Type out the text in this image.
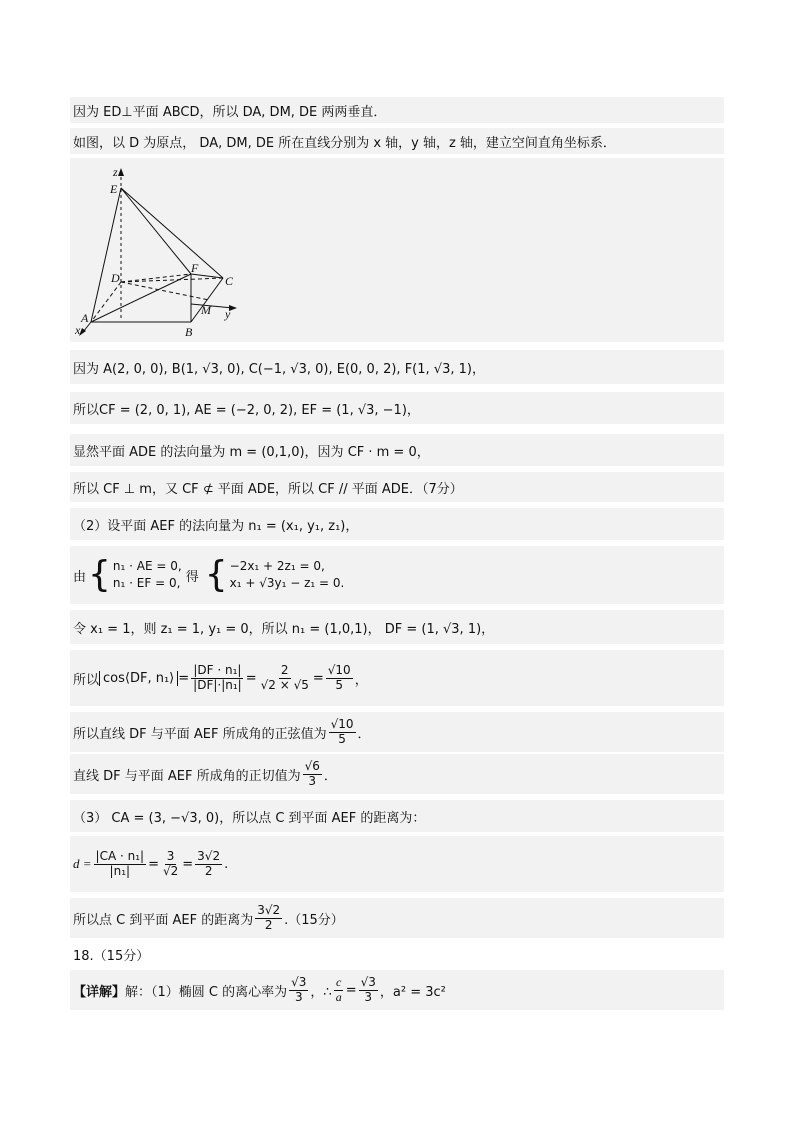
因为 ED⊥平面 ABCD，所以 DA, DM, DE 两两垂直．
如图，以 D 为原点， DA, DM, DE 所在直线分别为 x 轴，y 轴，z 轴，建立空间直角坐标系．
z
E
D
F
C
M y
A
B
x
因为 A(2, 0, 0), B(1, √3, 0), C(−1, √3, 0), E(0, 0, 2), F(1, √3, 1)，
所以 CF = (2, 0, 1), AE = (−2, 0, 2), EF = (1, √3, −1)，
显然平面 ADE 的法向量为 m = (0,1,0)，因为 CF · m = 0，
所以 CF ⊥ m，又 CF ⊄ 平面 ADE，所以 CF // 平面 ADE．（7分）
（2）设平面 AEF 的法向量为 n₁ = (x₁, y₁, z₁)，
由 { n₁ · AE = 0,
n₁ · EF = 0, 得 { −2x₁ + 2z₁ = 0,
x₁ + √3y₁ − z₁ = 0.
令 x₁ = 1，则 z₁ = 1, y₁ = 0，所以 n₁ = (1,0,1)， DF = (1, √3, 1)，
所以 cos⟨DF, n₁⟩ = $\frac{\text{|DF · n₁|}}{\text{|DF|·|n₁|}} = \frac{2}{√2 \times √5} = \frac{√10}{5}$ ，
所以直线 DF 与平面 AEF 所成角的正弦值为 $\frac{√10}{5}$ ．
直线 DF 与平面 AEF 所成角的正切值为 $\frac{√6}{3}$ ．
（3） CA = (3, −√3, 0)，所以点 C 到平面 AEF 的距离为：
$d = \frac{\text{|CA · n₁|}}{\text{|n₁|}} = \frac{3}{√2} = \frac{3√2}{2}$ .
所以点 C 到平面 AEF 的距离为 $\frac{3√2}{2} .(15$分）
18.（15分）
【详解】 解：（1）椭圆 C 的离心率为 $\frac{√3}{3}$ ，∴ $\frac{c}{a} = \frac{√3}{3}$ ，a² = 3c²
